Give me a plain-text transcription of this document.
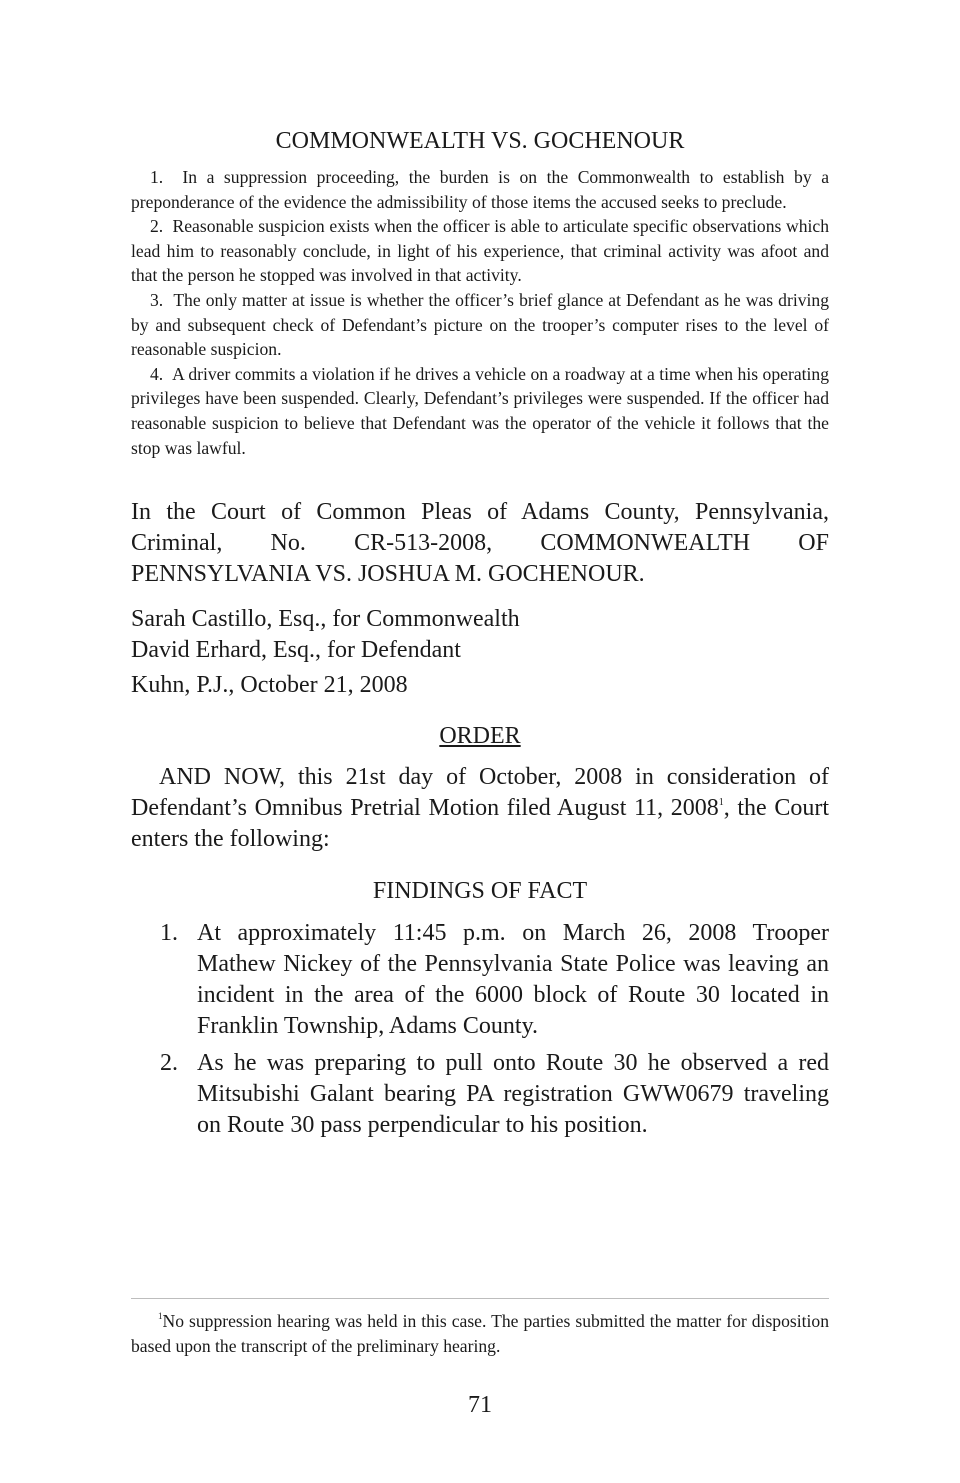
COMMONWEALTH VS. GOCHENOUR

1. In a suppression proceeding, the burden is on the Commonwealth to establish by a preponderance of the evidence the admissibility of those items the accused seeks to preclude.

2. Reasonable suspicion exists when the officer is able to articulate specific observations which lead him to reasonably conclude, in light of his experience, that criminal activity was afoot and that the person he stopped was involved in that activity.

3. The only matter at issue is whether the officer’s brief glance at Defendant as he was driving by and subsequent check of Defendant’s picture on the trooper’s computer rises to the level of reasonable suspicion.

4. A driver commits a violation if he drives a vehicle on a roadway at a time when his operating privileges have been suspended. Clearly, Defendant’s privileges were suspended. If the officer had reasonable suspicion to believe that Defendant was the operator of the vehicle it follows that the stop was lawful.

In the Court of Common Pleas of Adams County, Pennsylvania, Criminal, No. CR-513-2008, COMMONWEALTH OF PENNSYLVANIA VS. JOSHUA M. GOCHENOUR.

Sarah Castillo, Esq., for Commonwealth
David Erhard, Esq., for Defendant
Kuhn, P.J., October 21, 2008
ORDER

AND NOW, this 21st day of October, 2008 in consideration of Defendant’s Omnibus Pretrial Motion filed August 11, 2008$^1$, the Court enters the following:

FINDINGS OF FACT
1. At approximately 11:45 p.m. on March 26, 2008 Trooper Mathew Nickey of the Pennsylvania State Police was leaving an incident in the area of the 6000 block of Route 30 located in Franklin Township, Adams County.
2. As he was preparing to pull onto Route 30 he observed a red Mitsubishi Galant bearing PA registration GWW0679 traveling on Route 30 pass perpendicular to his position.

$^1$No suppression hearing was held in this case. The parties submitted the matter for disposition based upon the transcript of the preliminary hearing.

71
